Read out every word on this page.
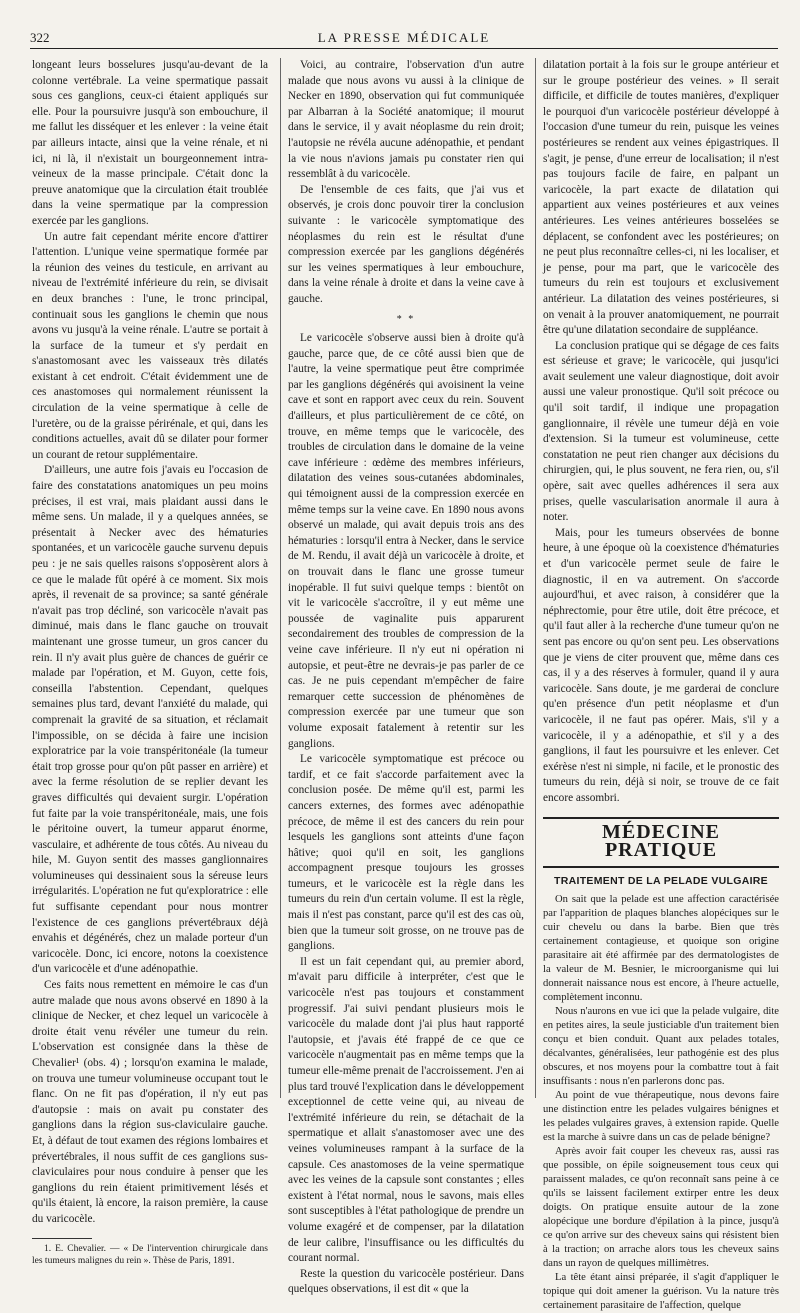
322	LA PRESSE MÉDICALE

longeant leurs bosselures jusqu'au-devant de la colonne vertébrale. La veine spermatique passait sous ces ganglions, ceux-ci étaient appliqués sur elle. Pour la poursuivre jusqu'à son embouchure, il me fallut les disséquer et les enlever : la veine était par ailleurs intacte, ainsi que la veine rénale, et ni ici, ni là, il n'existait un bourgeonnement intra-veineux de la masse principale. C'était donc la preuve anatomique que la circulation était troublée dans la veine spermatique par la compression exercée par les ganglions.

Un autre fait cependant mérite encore d'attirer l'attention. L'unique veine spermatique formée par la réunion des veines du testicule, en arrivant au niveau de l'extrémité inférieure du rein, se divisait en deux branches : l'une, le tronc principal, continuait sous les ganglions le chemin que nous avons vu jusqu'à la veine rénale. L'autre se portait à la surface de la tumeur et s'y perdait en s'anastomosant avec les vaisseaux très dilatés existant à cet endroit. C'était évidemment une de ces anastomoses qui normalement réunissent la circulation de la veine spermatique à celle de l'uretère, ou de la graisse périrénale, et qui, dans les conditions actuelles, avait dû se dilater pour former un courant de retour supplémentaire.

D'ailleurs, une autre fois j'avais eu l'occasion de faire des constatations anatomiques un peu moins précises, il est vrai, mais plaidant aussi dans le même sens. Un malade, il y a quelques années, se présentait à Necker avec des hématuries spontanées, et un varicocèle gauche survenu depuis peu : je ne sais quelles raisons s'opposèrent alors à ce que le malade fût opéré à ce moment. Six mois après, il revenait de sa province; sa santé générale n'avait pas trop décliné, son varicocèle n'avait pas diminué, mais dans le flanc gauche on trouvait maintenant une grosse tumeur, un gros cancer du rein. Il n'y avait plus guère de chances de guérir ce malade par l'opération, et M. Guyon, cette fois, conseilla l'abstention. Cependant, quelques semaines plus tard, devant l'anxiété du malade, qui comprenait la gravité de sa situation, et réclamait l'impossible, on se décida à faire une incision exploratrice par la voie transpéritonéale (la tumeur était trop grosse pour qu'on pût passer en arrière) et avec la ferme résolution de se replier devant les graves difficultés qui devaient surgir. L'opération fut faite par la voie transpéritonéale, mais, une fois le péritoine ouvert, la tumeur apparut énorme, vasculaire, et adhérente de tous côtés. Au niveau du hile, M. Guyon sentit des masses ganglionnaires volumineuses qui dessinaient sous la séreuse leurs irrégularités. L'opération ne fut qu'exploratrice : elle fut suffisante cependant pour nous montrer l'existence de ces ganglions prévertébraux déjà envahis et dégénérés, chez un malade porteur d'un varicocèle. Donc, ici encore, notons la coexistence d'un varicocèle et d'une adénopathie.

Ces faits nous remettent en mémoire le cas d'un autre malade que nous avons observé en 1890 à la clinique de Necker, et chez lequel un varicocèle à droite était venu révéler une tumeur du rein. L'observation est consignée dans la thèse de Chevalier¹ (obs. 4) ; lorsqu'on examina le malade, on trouva une tumeur volumineuse occupant tout le flanc. On ne fit pas d'opération, il n'y eut pas d'autopsie : mais on avait pu constater des ganglions dans la région sus-claviculaire gauche. Et, à défaut de tout examen des régions lombaires et prévertébrales, il nous suffit de ces ganglions sus-claviculaires pour nous conduire à penser que les ganglions du rein étaient primitivement lésés et qu'ils étaient, là encore, la raison première, la cause du varicocèle.

1. E. Chevalier. — « De l'intervention chirurgicale dans les tumeurs malignes du rein ». Thèse de Paris, 1891.

Voici, au contraire, l'observation d'un autre malade que nous avons vu aussi à la clinique de Necker en 1890, observation qui fut communiquée par Albarran à la Société anatomique; il mourut dans le service, il y avait néoplasme du rein droit; l'autopsie ne révéla aucune adénopathie, et pendant la vie nous n'avions jamais pu constater rien qui ressemblât à du varicocèle.

De l'ensemble de ces faits, que j'ai vus et observés, je crois donc pouvoir tirer la conclusion suivante : le varicocèle symptomatique des néoplasmes du rein est le résultat d'une compression exercée par les ganglions dégénérés sur les veines spermatiques à leur embouchure, dans la veine rénale à droite et dans la veine cave à gauche.

* *

Le varicocèle s'observe aussi bien à droite qu'à gauche, parce que, de ce côté aussi bien que de l'autre, la veine spermatique peut être comprimée par les ganglions dégénérés qui avoisinent la veine cave et sont en rapport avec ceux du rein. Souvent d'ailleurs, et plus particulièrement de ce côté, on trouve, en même temps que le varicocèle, des troubles de circulation dans le domaine de la veine cave inférieure : œdème des membres inférieurs, dilatation des veines sous-cutanées abdominales, qui témoignent aussi de la compression exercée en même temps sur la veine cave. En 1890 nous avons observé un malade, qui avait depuis trois ans des hématuries : lorsqu'il entra à Necker, dans le service de M. Rendu, il avait déjà un varicocèle à droite, et on trouvait dans le flanc une grosse tumeur inopérable. Il fut suivi quelque temps : bientôt on vit le varicocèle s'accroître, il y eut même une poussée de vaginalite puis apparurent secondairement des troubles de compression de la veine cave inférieure. Il n'y eut ni opération ni autopsie, et peut-être ne devrais-je pas parler de ce cas. Je ne puis cependant m'empêcher de faire remarquer cette succession de phénomènes de compression exercée par une tumeur que son volume exposait fatalement à retentir sur les ganglions.

Le varicocèle symptomatique est précoce ou tardif, et ce fait s'accorde parfaitement avec la conclusion posée. De même qu'il est, parmi les cancers externes, des formes avec adénopathie précoce, de même il est des cancers du rein pour lesquels les ganglions sont atteints d'une façon hâtive; quoi qu'il en soit, les ganglions accompagnent presque toujours les grosses tumeurs, et le varicocèle est la règle dans les tumeurs du rein d'un certain volume. Il est la règle, mais il n'est pas constant, parce qu'il est des cas où, bien que la tumeur soit grosse, on ne trouve pas de ganglions.

Il est un fait cependant qui, au premier abord, m'avait paru difficile à interpréter, c'est que le varicocèle n'est pas toujours et constamment progressif. J'ai suivi pendant plusieurs mois le varicocèle du malade dont j'ai plus haut rapporté l'autopsie, et j'avais été frappé de ce que ce varicocèle n'augmentait pas en même temps que la tumeur elle-même prenait de l'accroissement. J'en ai plus tard trouvé l'explication dans le développement exceptionnel de cette veine qui, au niveau de l'extrémité inférieure du rein, se détachait de la spermatique et allait s'anastomoser avec une des veines volumineuses rampant à la surface de la capsule. Ces anastomoses de la veine spermatique avec les veines de la capsule sont constantes ; elles existent à l'état normal, nous le savons, mais elles sont susceptibles à l'état pathologique de prendre un volume exagéré et de compenser, par la dilatation de leur calibre, l'insuffisance ou les difficultés du courant normal.

Reste la question du varicocèle postérieur. Dans quelques observations, il est dit « que la

dilatation portait à la fois sur le groupe antérieur et sur le groupe postérieur des veines. » Il serait difficile, et difficile de toutes manières, d'expliquer le pourquoi d'un varicocèle postérieur développé à l'occasion d'une tumeur du rein, puisque les veines postérieures se rendent aux veines épigastriques. Il s'agit, je pense, d'une erreur de localisation; il n'est pas toujours facile de faire, en palpant un varicocèle, la part exacte de dilatation qui appartient aux veines postérieures et aux veines antérieures. Les veines antérieures bosselées se déplacent, se confondent avec les postérieures; on ne peut plus reconnaître celles-ci, ni les localiser, et je pense, pour ma part, que le varicocèle des tumeurs du rein est toujours et exclusivement antérieur. La dilatation des veines postérieures, si on venait à la prouver anatomiquement, ne pourrait être qu'une dilatation secondaire de suppléance.

La conclusion pratique qui se dégage de ces faits est sérieuse et grave; le varicocèle, qui jusqu'ici avait seulement une valeur diagnostique, doit avoir aussi une valeur pronostique. Qu'il soit précoce ou qu'il soit tardif, il indique une propagation ganglionnaire, il révèle une tumeur déjà en voie d'extension. Si la tumeur est volumineuse, cette constatation ne peut rien changer aux décisions du chirurgien, qui, le plus souvent, ne fera rien, ou, s'il opère, sait avec quelles adhérences il sera aux prises, quelle vascularisation anormale il aura à noter.

Mais, pour les tumeurs observées de bonne heure, à une époque où la coexistence d'hématuries et d'un varicocèle permet seule de faire le diagnostic, il en va autrement. On s'accorde aujourd'hui, et avec raison, à considérer que la néphrectomie, pour être utile, doit être précoce, et qu'il faut aller à la recherche d'une tumeur qu'on ne sent pas encore ou qu'on sent peu. Les observations que je viens de citer prouvent que, même dans ces cas, il y a des réserves à formuler, quand il y aura varicocèle. Sans doute, je me garderai de conclure qu'en présence d'un petit néoplasme et d'un varicocèle, il ne faut pas opérer. Mais, s'il y a varicocèle, il y a adénopathie, et s'il y a des ganglions, il faut les poursuivre et les enlever. Cet exérèse n'est ni simple, ni facile, et le pronostic des tumeurs du rein, déjà si noir, se trouve de ce fait encore assombri.

MÉDECINE PRATIQUE
TRAITEMENT DE LA PELADE VULGAIRE

On sait que la pelade est une affection caractérisée par l'apparition de plaques blanches alopéciques sur le cuir chevelu ou dans la barbe. Bien que très certainement contagieuse, et quoique son origine parasitaire ait été affirmée par des dermatologistes de la valeur de M. Besnier, le microorganisme qui lui donnerait naissance nous est encore, à l'heure actuelle, complètement inconnu.

Nous n'aurons en vue ici que la pelade vulgaire, dite en petites aires, la seule justiciable d'un traitement bien conçu et bien conduit. Quant aux pelades totales, décalvantes, généralisées, leur pathogénie est des plus obscures, et nos moyens pour la combattre tout à fait insuffisants : nous n'en parlerons donc pas.

Au point de vue thérapeutique, nous devons faire une distinction entre les pelades vulgaires bénignes et les pelades vulgaires graves, à extension rapide. Quelle est la marche à suivre dans un cas de pelade bénigne?

Après avoir fait couper les cheveux ras, aussi ras que possible, on épile soigneusement tous ceux qui paraissent malades, ce qu'on reconnaît sans peine à ce qu'ils se laissent facilement extirper entre les deux doigts. On pratique ensuite autour de la zone alopécique une bordure d'épilation à la pince, jusqu'à ce qu'on arrive sur des cheveux sains qui résistent bien à la traction; on arrache alors tous les cheveux sains dans un rayon de quelques millimètres.

La tête étant ainsi préparée, il s'agit d'appliquer le topique qui doit amener la guérison. Vu la nature très certainement parasitaire de l'affection, quelque
